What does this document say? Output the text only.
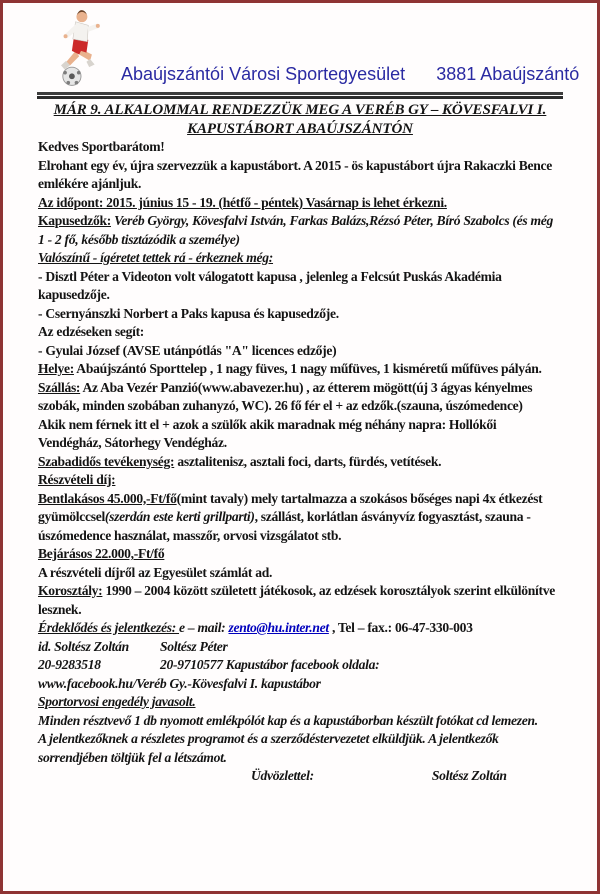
Abaújszántói Városi Sportegyesület 3881 Abaújszántó
MÁR 9. ALKALOMMAL RENDEZZÜK MEG A VERÉB GY – KÖVESFALVI I.
KAPUSTÁBORT ABAÚJSZÁNTÓN

Kedves Sportbarátom!

Elrohant egy év, újra szervezzük a kapustábort. A 2015 - ös kapustábort újra Rakaczki Bence emlékére ajánljuk.

Az időpont: 2015. június 15 - 19. (hétfő - péntek) Vasárnap is lehet érkezni.

Kapusedzők: Veréb György, Kövesfalvi István, Farkas Balázs,Rézsó Péter, Bíró Szabolcs (és még 1 - 2 fő, később tisztázódik a személye)

Valószínű - ígéretet tettek rá - érkeznek még:

- Disztl Péter a Videoton volt válogatott kapusa , jelenleg a Felcsút Puskás Akadémia kapusedzője.

- Csernyánszki Norbert a Paks kapusa és kapusedzője.

Az edzéseken segít:

- Gyulai József (AVSE utánpótlás "A" licences edzője)

Helye: Abaújszántó Sporttelep , 1 nagy füves, 1 nagy műfüves, 1 kisméretű műfüves pályán.

Szállás: Az Aba Vezér Panzió(www.abavezer.hu) , az étterem mögött(új 3 ágyas kényelmes szobák, minden szobában zuhanyzó, WC). 26 fő fér el + az edzők.(szauna, úszómedence)

Akik nem férnek itt el + azok a szülők akik maradnak még néhány napra: Hollókői Vendégház, Sátorhegy Vendégház.

Szabadidős tevékenység: asztalitenisz, asztali foci, darts, fürdés, vetítések.

Részvételi díj:

Bentlakásos 45.000,-Ft/fő(mint tavaly) mely tartalmazza a szokásos bőséges napi 4x étkezést gyümölccsel(szerdán este kerti grillparti), szállást, korlátlan ásványvíz fogyasztást, szauna - úszómedence használat, masszőr, orvosi vizsgálatot stb.

Bejárásos 22.000,-Ft/fő

A részvételi díjről az Egyesület számlát ad.

Korosztály: 1990 – 2004 között született játékosok, az edzések korosztályok szerint elkülönítve lesznek.

Érdeklődés és jelentkezés: e – mail: zento@hu.inter.net , Tel – fax.: 06-47-330-003

id. Soltész Zoltán	Soltész Péter
20-9283518	20-9710577 Kapustábor facebook oldala:

www.facebook.hu/Veréb Gy.-Kövesfalvi I. kapustábor

Sportorvosi engedély javasolt.

Minden résztvevő 1 db nyomott emlékpólót kap és a kapustáborban készült fotókat cd lemezen.

A jelentkezőknek a részletes programot és a szerződéstervezetet elküldjük. A jelentkezők sorrendjében töltjük fel a létszámot.

Üdvözlettel:	Soltész Zoltán
